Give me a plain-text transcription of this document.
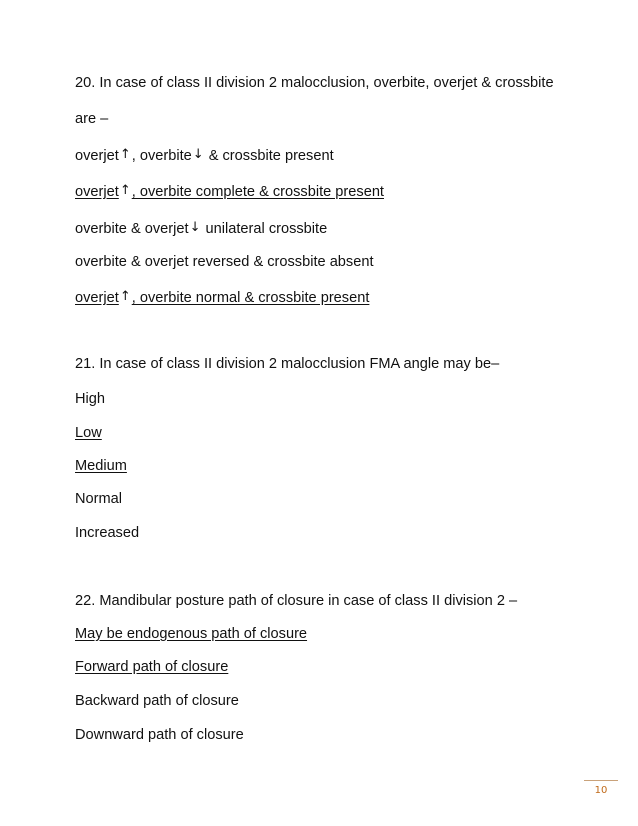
20. In case of class II division 2 malocclusion, overbite, overjet & crossbite

are –

overjet↑, overbite↓ & crossbite present

overjet↑, overbite complete & crossbite present

overbite & overjet↓ unilateral crossbite

overbite & overjet reversed & crossbite absent

overjet↑, overbite normal & crossbite present

21. In case of class II division 2 malocclusion FMA angle may be–

High

Low

Medium

Normal

Increased

22. Mandibular posture path of closure in case of class II division 2 –

May be endogenous path of closure

Forward path of closure

Backward path of closure

Downward path of closure

10
